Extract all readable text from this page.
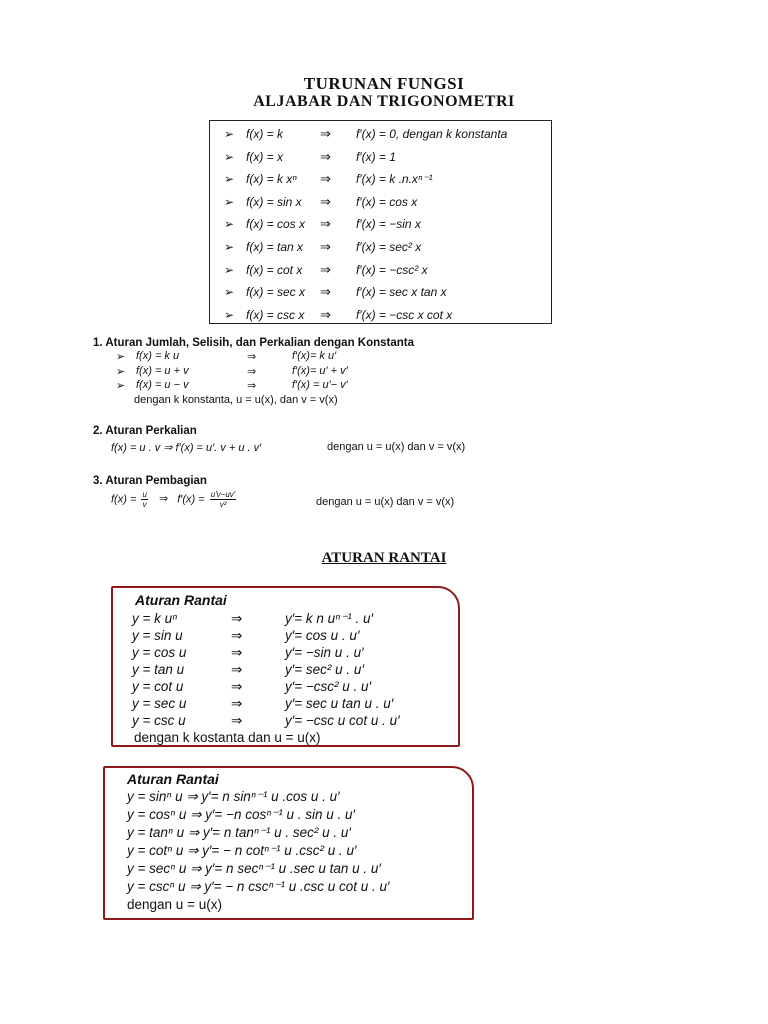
TURUNAN FUNGSI
ALJABAR DAN TRIGONOMETRI
➢ f(x) = k	⇒ f′(x) = 0, dengan k konstanta
➢ f(x) = x	⇒ f′(x) = 1
➢ f(x) = k xⁿ ⇒ f′(x) = k .n.xⁿ⁻¹
➢ f(x) = sin x ⇒ f′(x) = cos x
➢ f(x) = cos x ⇒ f′(x) = −sin x
➢ f(x) = tan x ⇒ f′(x) = sec² x
➢ f(x) = cot x ⇒ f′(x) = −csc² x
➢ f(x) = sec x ⇒ f′(x) = sec x tan x
➢ f(x) = csc x ⇒ f′(x) = −csc x cot x
1. Aturan Jumlah, Selisih, dan Perkalian dengan Konstanta
➢ f(x) = k u	⇒	f′(x)= k u′
➢ f(x) = u + v	⇒	f′(x)= u′ + v′
➢ f(x) = u − v	⇒	f′(x) = u′− v′
dengan k konstanta, u = u(x), dan v = v(x)
2. Aturan Perkalian
f(x) = u . v ⇒ f′(x) = u′. v + u . v′	dengan u = u(x) dan v = v(x)
3. Aturan Pembagian
$f(x) = \frac{u}{v}$ ⇒ $f'(x) = \frac{u'v-uv'}{\text{v²}}$	dengan u = u(x) dan v = v(x)
ATURAN RANTAI
Aturan Rantai
y = k uⁿ	⇒	y′= k n uⁿ⁻¹ . u′
y = sin u	⇒	y′= cos u . u′
y = cos u	⇒	y′= −sin u . u′
y = tan u	⇒	y′= sec² u . u′
y = cot u	⇒	y′= −csc² u . u′
y = sec u	⇒	y′= sec u tan u . u′
y = csc u	⇒	y′= −csc u cot u . u′
dengan k kostanta dan u = u(x)
Aturan Rantai
y = sinⁿ u ⇒ y′= n sinⁿ⁻¹ u .cos u . u′
y = cosⁿ u ⇒ y′= −n cosⁿ⁻¹ u . sin u . u′
y = tanⁿ u ⇒ y′= n tanⁿ⁻¹ u . sec² u . u′
y = cotⁿ u ⇒ y′= − n cotⁿ⁻¹ u .csc² u . u′
y = secⁿ u ⇒ y′= n secⁿ⁻¹ u .sec u tan u . u′
y = cscⁿ u ⇒ y′= − n cscⁿ⁻¹ u .csc u cot u . u′
dengan u = u(x)
